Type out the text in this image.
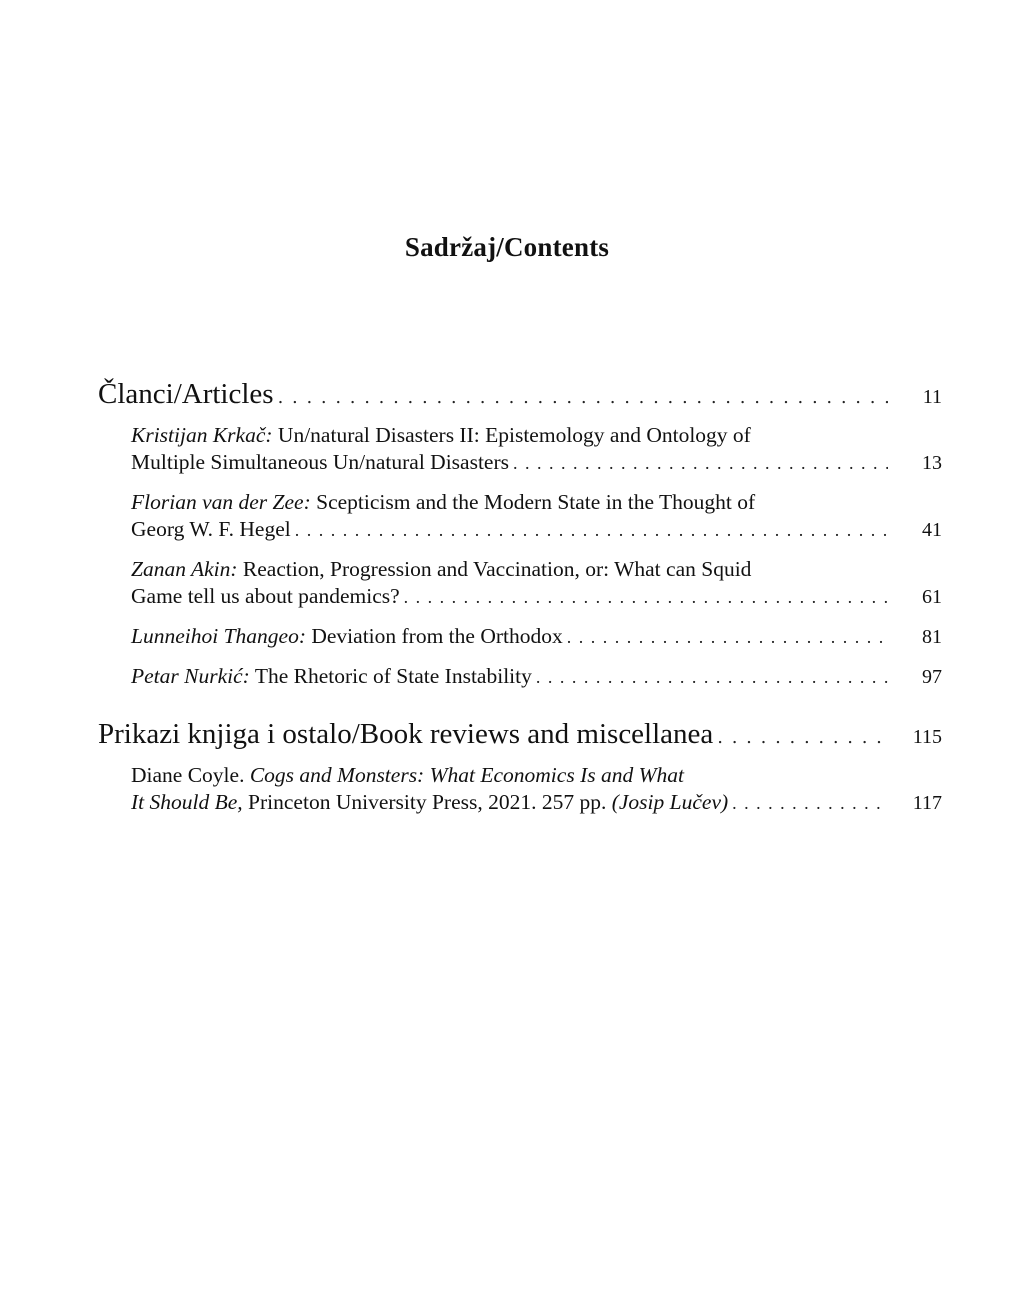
Sadržaj/Contents
Članci/Articles . . .	11
Kristijan Krkač: Un/natural Disasters II: Epistemology and Ontology of
Multiple Simultaneous Un/natural Disasters . . .	13
Florian van der Zee: Scepticism and the Modern State in the Thought of
Georg W. F. Hegel . . .	41
Zanan Akin: Reaction, Progression and Vaccination, or: What can Squid
Game tell us about pandemics? . . .	61
Lunneihoi Thangeo: Deviation from the Orthodox . . .	81
Petar Nurkić: The Rhetoric of State Instability . . .	97
Prikazi knjiga i ostalo/Book reviews and miscellanea . . .	115
Diane Coyle. Cogs and Monsters: What Economics Is and What
It Should Be, Princeton University Press, 2021. 257 pp. (Josip Lučev) . . .	117
